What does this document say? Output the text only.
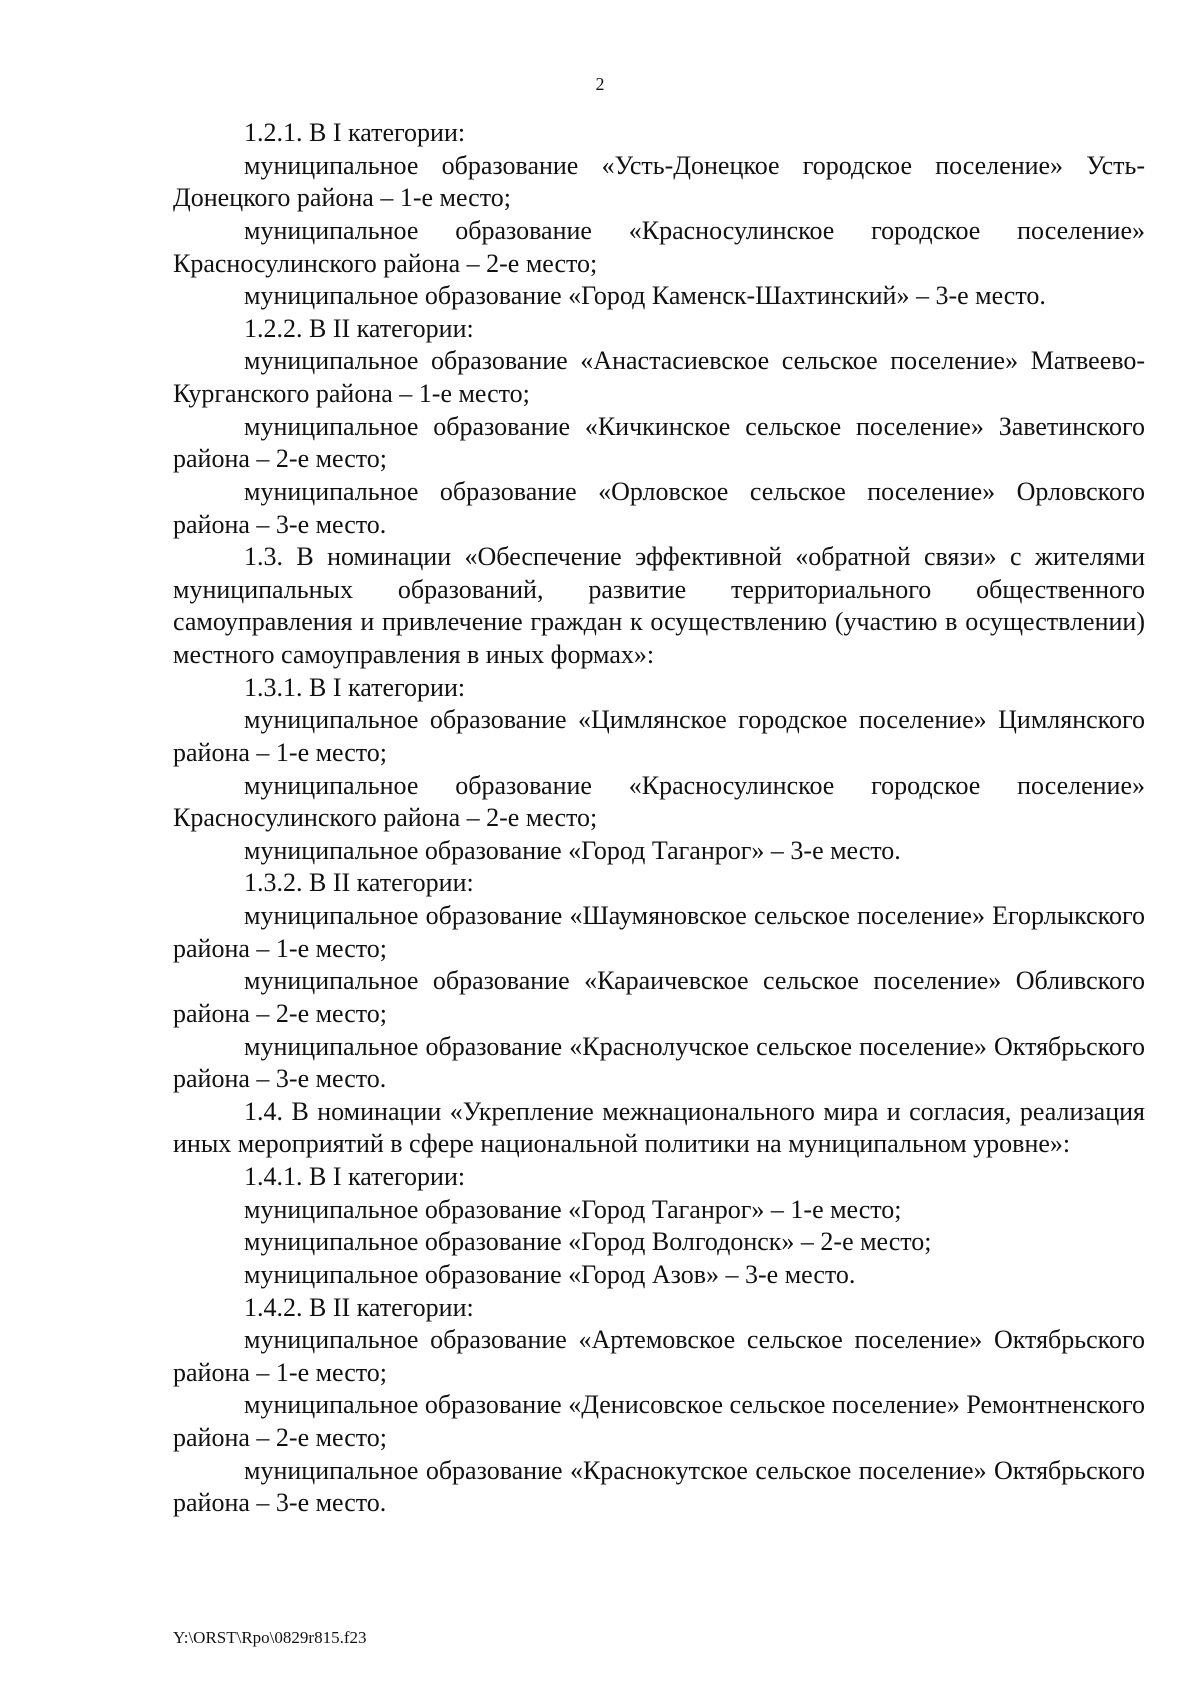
2

1.2.1. В I категории:

муниципальное образование «Усть-Донецкое городское поселение» Усть-Донецкого района – 1-е место;

муниципальное образование «Красносулинское городское поселение» Красносулинского района – 2-е место;

муниципальное образование «Город Каменск-Шахтинский» – 3-е место.

1.2.2. В II категории:

муниципальное образование «Анастасиевское сельское поселение» Матвеево-Курганского района – 1-е место;

муниципальное образование «Кичкинское сельское поселение» Заветинского района – 2-е место;

муниципальное образование «Орловское сельское поселение» Орловского района – 3-е место.

1.3. В номинации «Обеспечение эффективной «обратной связи» с жителями муниципальных образований, развитие территориального общественного самоуправления и привлечение граждан к осуществлению (участию в осуществлении) местного самоуправления в иных формах»:

1.3.1. В I категории:

муниципальное образование «Цимлянское городское поселение» Цимлянского района – 1-е место;

муниципальное образование «Красносулинское городское поселение» Красносулинского района – 2-е место;

муниципальное образование «Город Таганрог» – 3-е место.

1.3.2. В II категории:

муниципальное образование «Шаумяновское сельское поселение» Егорлыкского района – 1-е место;

муниципальное образование «Караичевское сельское поселение» Обливского района – 2-е место;

муниципальное образование «Краснолучское сельское поселение» Октябрьского района – 3-е место.

1.4. В номинации «Укрепление межнационального мира и согласия, реализация иных мероприятий в сфере национальной политики на муниципальном уровне»:

1.4.1. В I категории:

муниципальное образование «Город Таганрог» – 1-е место;

муниципальное образование «Город Волгодонск» – 2-е место;

муниципальное образование «Город Азов» – 3-е место.

1.4.2. В II категории:

муниципальное образование «Артемовское сельское поселение» Октябрьского района – 1-е место;

муниципальное образование «Денисовское сельское поселение» Ремонтненского района – 2-е место;

муниципальное образование «Краснокутское сельское поселение» Октябрьского района – 3-е место.

Y:\ORST\Rpo\0829r815.f23
